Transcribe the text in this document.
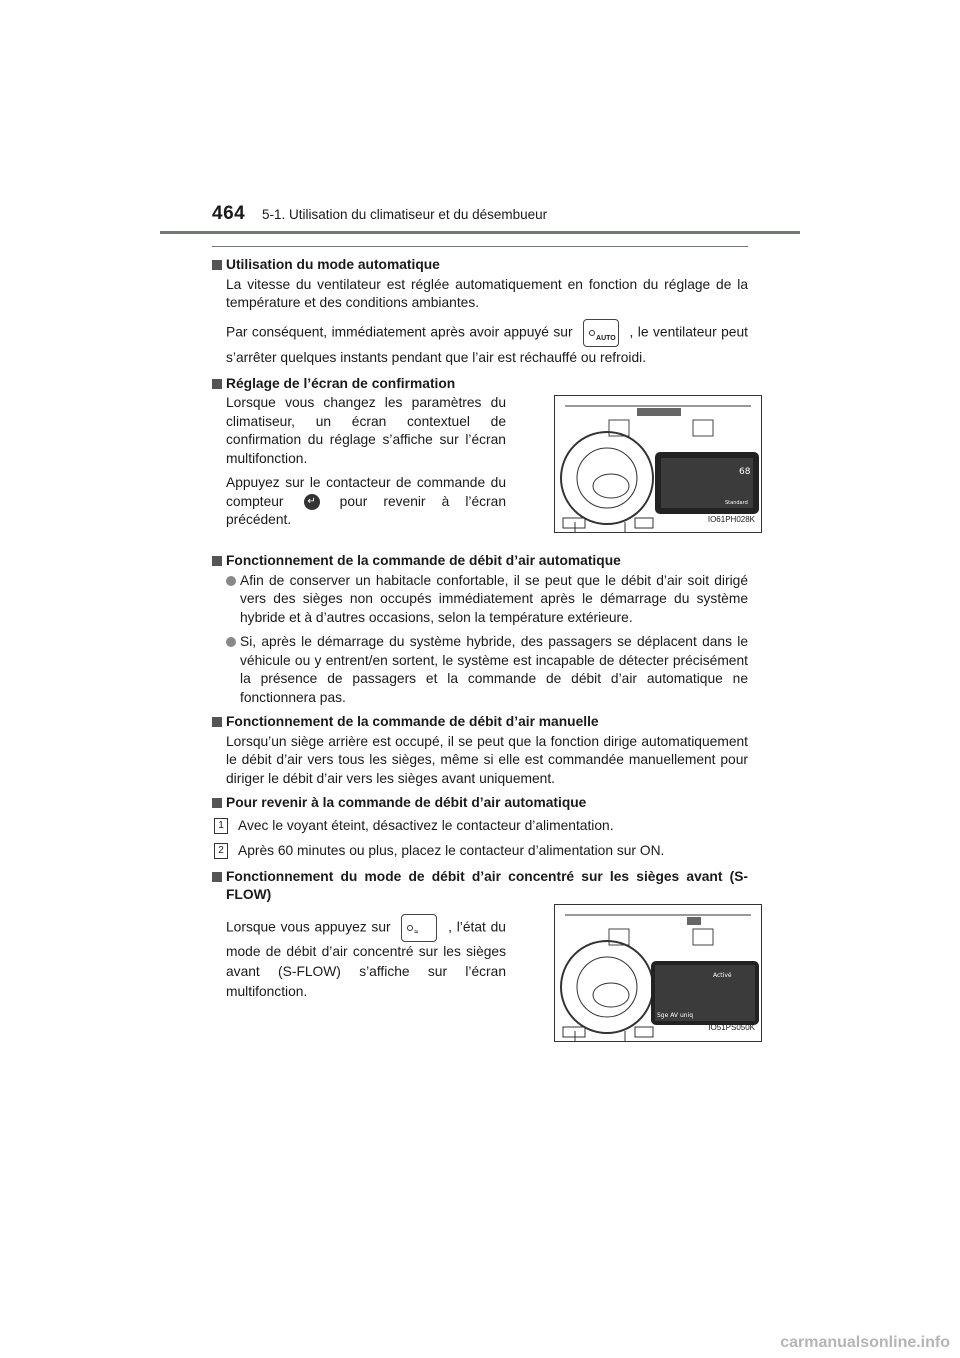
464 5-1. Utilisation du climatiseur et du désembueur
Utilisation du mode automatique

La vitesse du ventilateur est réglée automatiquement en fonction du réglage de la température et des conditions ambiantes.

Par conséquent, immédiatement après avoir appuyé sur	AUTO , le ventilateur peut s’arrêter quelques instants pendant que l’air est réchauffé ou refroidi.

Réglage de l’écran de confirmation

Lorsque vous changez les paramètres du climatiseur, un écran contextuel de confirmation du réglage s’affiche sur l’écran multifonction.

Appuyez sur le contacteur de commande du compteur ↵ pour revenir à l’écran précédent.

68
Standard
IO61PH028K
Fonctionnement de la commande de débit d’air automatique
Afin de conserver un habitacle confortable, il se peut que le débit d’air soit dirigé vers des sièges non occupés immédiatement après le démarrage du système hybride et à d’autres occasions, selon la température extérieure.
Si, après le démarrage du système hybride, des passagers se déplacent dans le véhicule ou y entrent/en sortent, le système est incapable de détecter précisément la présence de passagers et la commande de débit d’air automatique ne fonctionnera pas.
Fonctionnement de la commande de débit d’air manuelle

Lorsqu’un siège arrière est occupé, il se peut que la fonction dirige automatiquement le débit d’air vers tous les sièges, même si elle est commandée manuellement pour diriger le débit d’air vers les sièges avant uniquement.

Pour revenir à la commande de débit d’air automatique
1	Avec le voyant éteint, désactivez le contacteur d’alimentation.
2	Après 60 minutes ou plus, placez le contacteur d’alimentation sur ON.
Fonctionnement du mode de débit d’air concentré sur les sièges avant (S-FLOW)

Lorsque vous appuyez sur	≈ , l’état du mode de débit d’air concentré sur les sièges avant (S-FLOW) s’affiche sur l’écran multifonction.

Activé
Sge AV uniq
IO51PS050K
carmanualsonline.info
